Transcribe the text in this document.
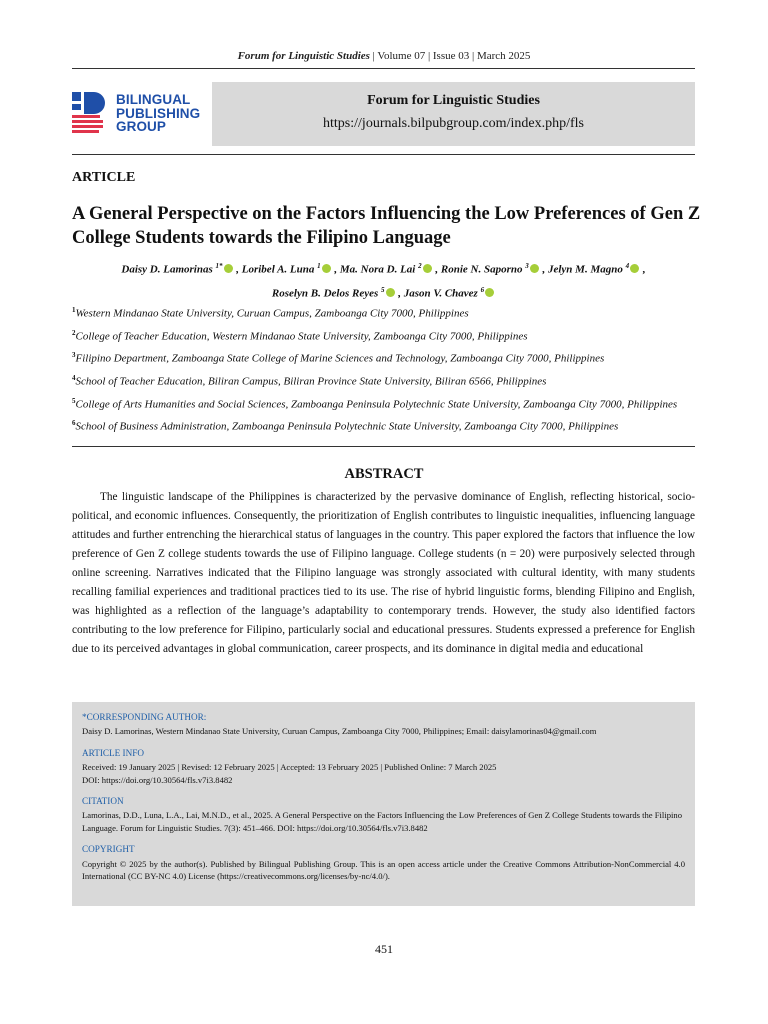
Forum for Linguistic Studies | Volume 07 | Issue 03 | March 2025
BILINGUAL
PUBLISHING
GROUP
Forum for Linguistic Studies
https://journals.bilpubgroup.com/index.php/fls
ARTICLE
A General Perspective on the Factors Influencing the Low Preferences of Gen Z College Students towards the Filipino Language
Daisy D. Lamorinas $^{1*}$ , Loribel A. Luna $^1$ , Ma. Nora D. Lai $^2$ , Ronie N. Saporno $^3$ , Jelyn M. Magno $^4$ ,
Roselyn B. Delos Reyes $^5$ , Jason V. Chavez $^6$
$^1$Western Mindanao State University, Curuan Campus, Zamboanga City 7000, Philippines
$^2$College of Teacher Education, Western Mindanao State University, Zamboanga City 7000, Philippines
$^3$Filipino Department, Zamboanga State College of Marine Sciences and Technology, Zamboanga City 7000, Philippines
$^4$School of Teacher Education, Biliran Campus, Biliran Province State University, Biliran 6566, Philippines
$^5$College of Arts Humanities and Social Sciences, Zamboanga Peninsula Polytechnic State University, Zamboanga City 7000, Philippines
$^6$School of Business Administration, Zamboanga Peninsula Polytechnic State University, Zamboanga City 7000, Philippines
ABSTRACT
The linguistic landscape of the Philippines is characterized by the pervasive dominance of English, reflecting historical, socio-political, and economic influences. Consequently, the prioritization of English contributes to linguistic inequalities, influencing language attitudes and further entrenching the hierarchical status of languages in the country. This paper explored the factors that influence the low preference of Gen Z college students towards the use of Filipino language. College students (n = 20) were purposively selected through online screening. Narratives indicated that the Filipino language was strongly associated with cultural identity, with many students recalling familial experiences and traditional practices tied to its use. The rise of hybrid linguistic forms, blending Filipino and English, was highlighted as a reflection of the language’s adaptability to contemporary trends. However, the study also identified factors contributing to the low preference for Filipino, particularly social and educational pressures. Students expressed a preference for English due to its perceived advantages in global communication, career prospects, and its dominance in digital media and educational
*CORRESPONDING AUTHOR:
Daisy D. Lamorinas, Western Mindanao State University, Curuan Campus, Zamboanga City 7000, Philippines; Email: daisylamorinas04@gmail.com
ARTICLE INFO
Received: 19 January 2025 | Revised: 12 February 2025 | Accepted: 13 February 2025 | Published Online: 7 March 2025
DOI: https://doi.org/10.30564/fls.v7i3.8482
CITATION
Lamorinas, D.D., Luna, L.A., Lai, M.N.D., et al., 2025. A General Perspective on the Factors Influencing the Low Preferences of Gen Z College Students towards the Filipino Language. Forum for Linguistic Studies. 7(3): 451–466. DOI: https://doi.org/10.30564/fls.v7i3.8482
COPYRIGHT
Copyright © 2025 by the author(s). Published by Bilingual Publishing Group. This is an open access article under the Creative Commons Attribution-NonCommercial 4.0 International (CC BY-NC 4.0) License (https://creativecommons.org/licenses/by-nc/4.0/).
451
